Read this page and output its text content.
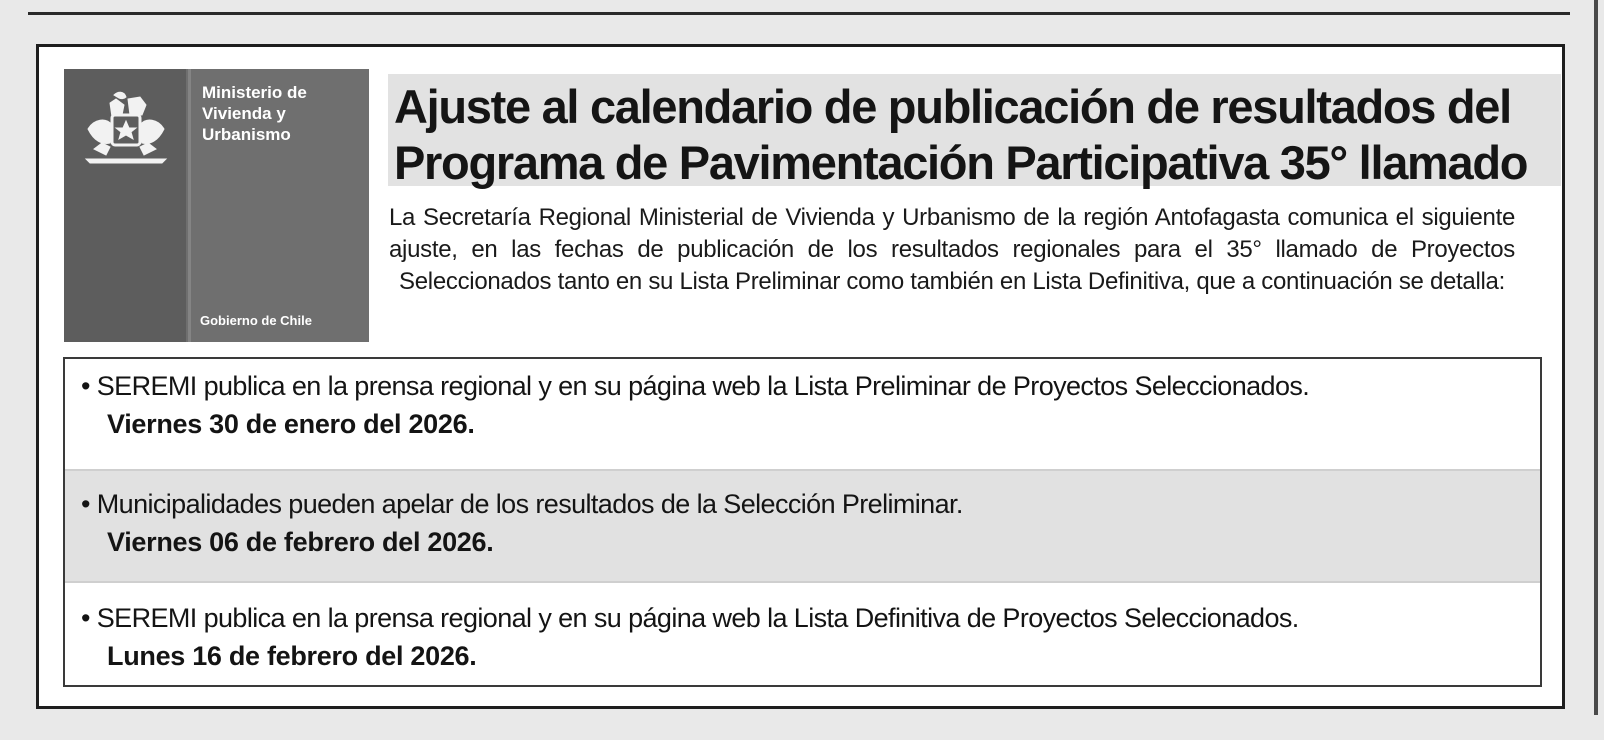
Ministerio de
Vivienda y
Urbanismo
Gobierno de Chile
Ajuste al calendario de publicación de resultados del
Programa de Pavimentación Participativa 35° llamado

La Secretaría Regional Ministerial de Vivienda y Urbanismo de la región Antofagasta comunica el siguiente ajuste, en las fechas de publicación de los resultados regionales para el 35° llamado de Proyectos Seleccionados tanto en su Lista Preliminar como también en Lista Definitiva, que a continuación se detalla:

• SEREMI publica en la prensa regional y en su página web la Lista Preliminar de Proyectos Seleccionados.
Viernes 30 de enero del 2026.
• Municipalidades pueden apelar de los resultados de la Selección Preliminar.
Viernes 06 de febrero del 2026.
• SEREMI publica en la prensa regional y en su página web la Lista Definitiva de Proyectos Seleccionados.
Lunes 16 de febrero del 2026.
